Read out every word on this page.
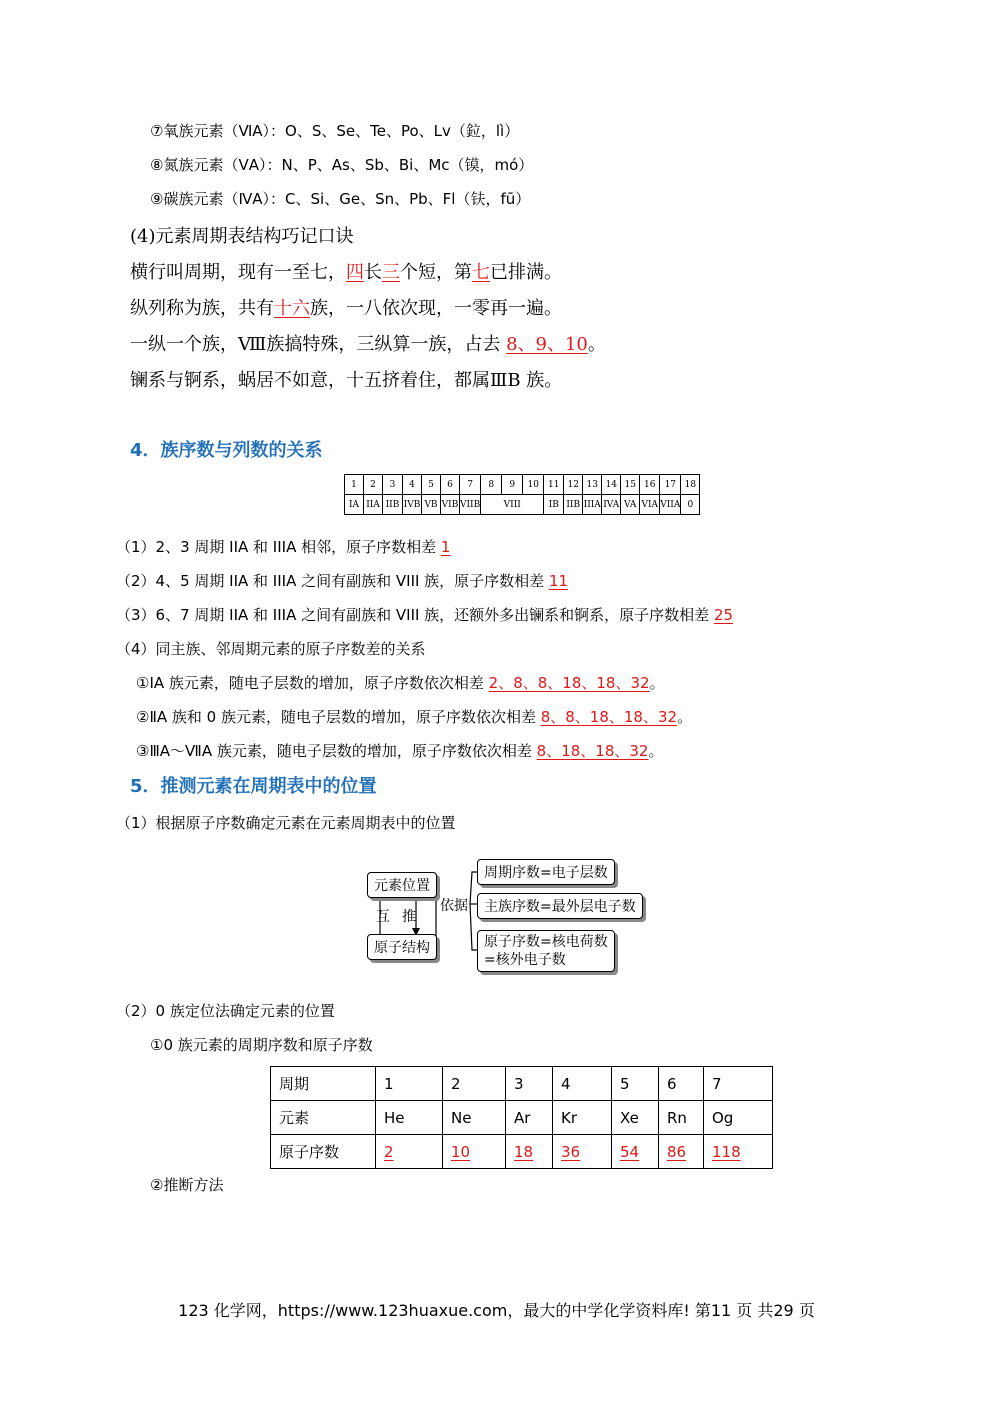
⑦氧族元素（ⅥA）：O、S、Se、Te、Po、Lv（鉝，lì）
⑧氮族元素（ⅤA）：N、P、As、Sb、Bi、Mc（镆，mó）
⑨碳族元素（ⅣA）：C、Si、Ge、Sn、Pb、Fl（𫓧，fū）
(4)元素周期表结构巧记口诀
横行叫周期，现有一至七，四长三个短，第七已排满。
纵列称为族，共有十六族，一八依次现，一零再一遍。
一纵一个族，Ⅷ族搞特殊，三纵算一族，占去 8、9、10。
镧系与锕系，蜗居不如意，十五挤着住，都属ⅢB 族。
4．族序数与列数的关系
1	2	3	4	5	6	7	8	9	10	11	12	13	14	15	16	17	18
IA	IIA	IIB	IVB	VB	VIB	VIIB	VIII			IB	IIB	IIIA	IVA	VA	VIA	VIIA	0
（1）2、3 周期 IIA 和 IIIA 相邻，原子序数相差 1
（2）4、5 周期 IIA 和 IIIA 之间有副族和 VIII 族，原子序数相差 11
（3）6、7 周期 IIA 和 IIIA 之间有副族和 VIII 族，还额外多出镧系和锕系，原子序数相差 25
（4）同主族、邻周期元素的原子序数差的关系
①ⅠA 族元素，随电子层数的增加，原子序数依次相差 2、8、8、18、18、32。
②ⅡA 族和 0 族元素，随电子层数的增加，原子序数依次相差 8、8、18、18、32。
③ⅢA～ⅦA 族元素，随电子层数的增加，原子序数依次相差 8、18、18、32。
5．推测元素在周期表中的位置
（1）根据原子序数确定元素在元素周期表中的位置
元素位置
原子结构
互 推
依据
周期序数=电子层数
主族序数=最外层电子数
原子序数=核电荷数
=核外电子数
（2）0 族定位法确定元素的位置
①0 族元素的周期序数和原子序数
周期	1	2	3	4	5	6	7
元素	He	Ne	Ar	Kr	Xe	Rn	Og
原子序数	2	10	18	36	54	86	118
②推断方法
123 化学网，https://www.123huaxue.com，最大的中学化学资料库! 第11 页 共29 页
